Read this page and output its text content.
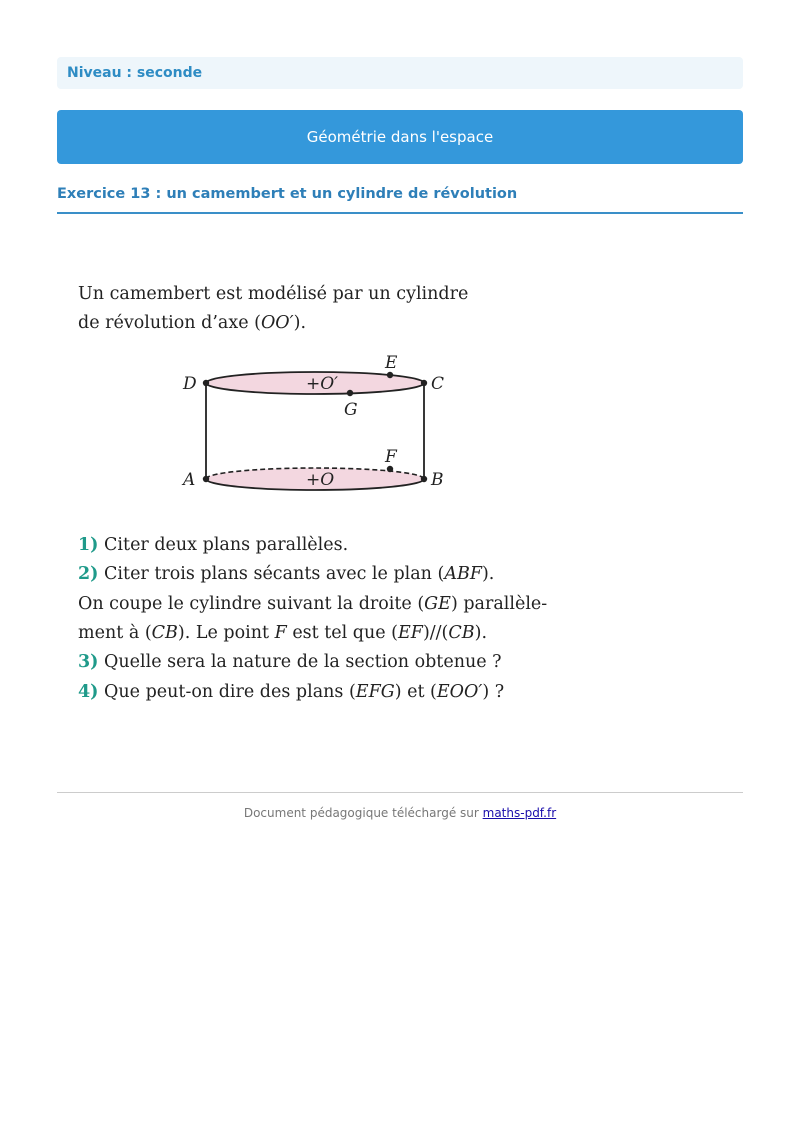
Niveau : seconde
Géométrie dans l'espace
Exercice 13 : un camembert et un cylindre de révolution
Un camembert est modélisé par un cylindre
de révolution d’axe (OO′).
D	C
E
G
+O′
A	B
F
+O
1) Citer deux plans parallèles.
2) Citer trois plans sécants avec le plan (ABF).
On coupe le cylindre suivant la droite (GE) parallèle-
ment à (CB). Le point F est tel que (EF)//(CB).
3) Quelle sera la nature de la section obtenue ?
4) Que peut-on dire des plans (EFG) et (EOO′) ?
Document pédagogique téléchargé sur maths-pdf.fr
